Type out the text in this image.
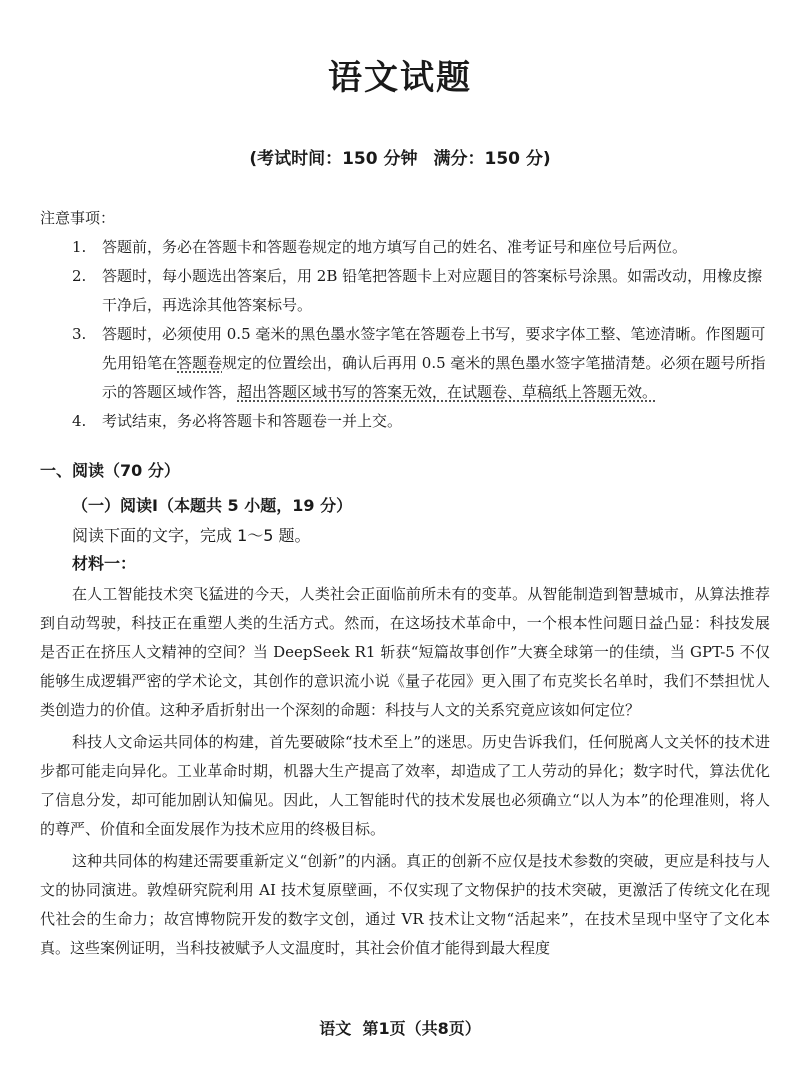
语文试题
(考试时间：150 分钟 满分：150 分)
注意事项：
1. 答题前，务必在答题卡和答题卷规定的地方填写自己的姓名、准考证号和座位号后两位。
2. 答题时，每小题选出答案后，用 2B 铅笔把答题卡上对应题目的答案标号涂黑。如需改动，用橡皮擦干净后，再选涂其他答案标号。
3. 答题时，必须使用 0.5 毫米的黑色墨水签字笔在答题卷上书写，要求字体工整、笔迹清晰。作图题可先用铅笔在答题卷规定的位置绘出，确认后再用 0.5 毫米的黑色墨水签字笔描清楚。必须在题号所指示的答题区域作答，超出答题区域书写的答案无效，在试题卷、草稿纸上答题无效。
4. 考试结束，务必将答题卡和答题卷一并上交。
一、阅读（70 分）
（一）阅读Ⅰ（本题共 5 小题，19 分）
阅读下面的文字，完成 1～5 题。
材料一：

在人工智能技术突飞猛进的今天，人类社会正面临前所未有的变革。从智能制造到智慧城市，从算法推荐到自动驾驶，科技正在重塑人类的生活方式。然而，在这场技术革命中，一个根本性问题日益凸显：科技发展是否正在挤压人文精神的空间？当 DeepSeek R1 斩获“短篇故事创作”大赛全球第一的佳绩，当 GPT-5 不仅能够生成逻辑严密的学术论文，其创作的意识流小说《量子花园》更入围了布克奖长名单时，我们不禁担忧人类创造力的价值。这种矛盾折射出一个深刻的命题：科技与人文的关系究竟应该如何定位？

科技人文命运共同体的构建，首先要破除“技术至上”的迷思。历史告诉我们，任何脱离人文关怀的技术进步都可能走向异化。工业革命时期，机器大生产提高了效率，却造成了工人劳动的异化；数字时代，算法优化了信息分发，却可能加剧认知偏见。因此，人工智能时代的技术发展也必须确立“以人为本”的伦理准则，将人的尊严、价值和全面发展作为技术应用的终极目标。

这种共同体的构建还需要重新定义“创新”的内涵。真正的创新不应仅是技术参数的突破，更应是科技与人文的协同演进。敦煌研究院利用 AI 技术复原壁画，不仅实现了文物保护的技术突破，更激活了传统文化在现代社会的生命力；故宫博物院开发的数字文创，通过 VR 技术让文物“活起来”，在技术呈现中坚守了文化本真。这些案例证明，当科技被赋予人文温度时，其社会价值才能得到最大程度

语文 第1页（共8页）
